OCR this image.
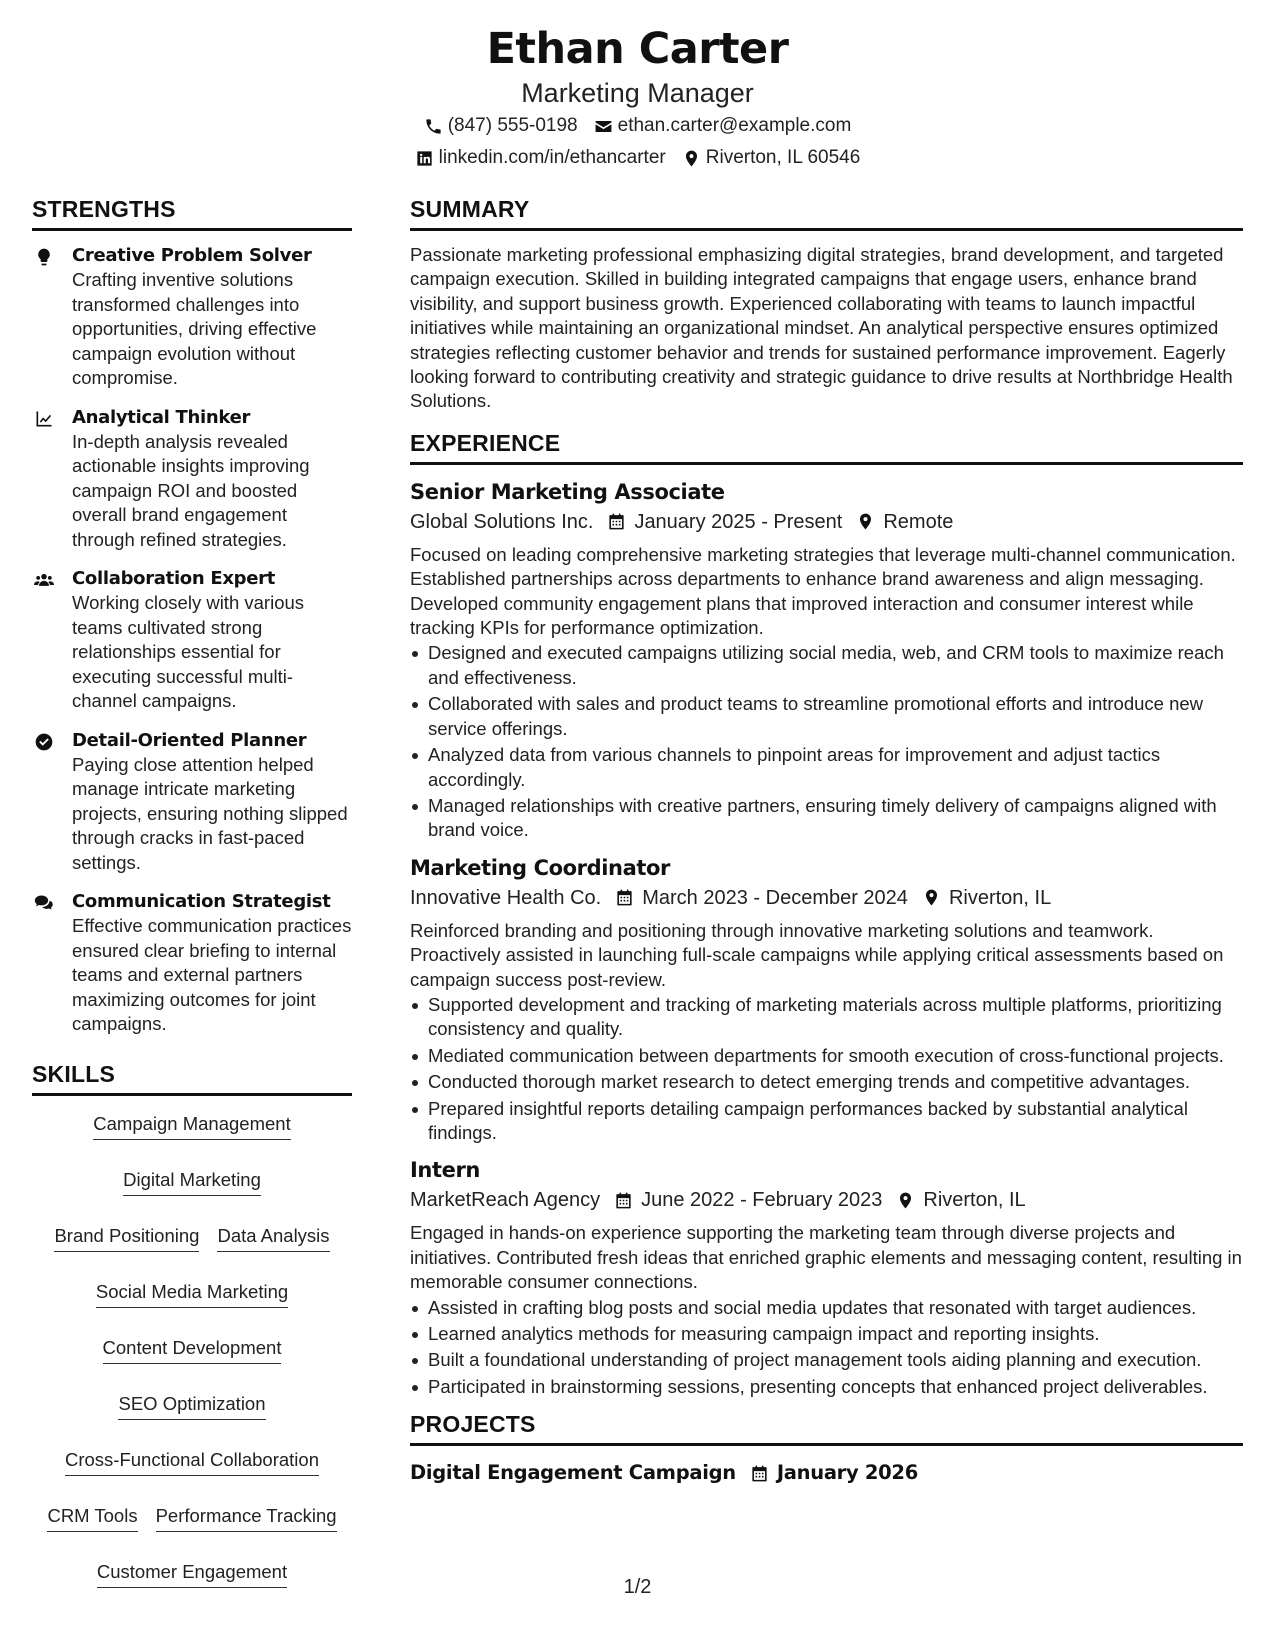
Ethan Carter
Marketing Manager
(847) 555-0198 ethan.carter@example.com
linkedin.com/in/ethancarter Riverton, IL 60546
STRENGTHS
Creative Problem Solver
Crafting inventive solutions transformed challenges into opportunities, driving effective campaign evolution without compromise.
Analytical Thinker
In-depth analysis revealed actionable insights improving campaign ROI and boosted overall brand engagement through refined strategies.
Collaboration Expert
Working closely with various teams cultivated strong relationships essential for executing successful multi-channel campaigns.
Detail-Oriented Planner
Paying close attention helped manage intricate marketing projects, ensuring nothing slipped through cracks in fast-paced settings.
Communication Strategist
Effective communication practices ensured clear briefing to internal teams and external partners maximizing outcomes for joint campaigns.
SKILLS
Campaign Management
Digital Marketing
Brand Positioning Data Analysis
Social Media Marketing
Content Development
SEO Optimization
Cross-Functional Collaboration
CRM Tools Performance Tracking
Customer Engagement
SUMMARY
Passionate marketing professional emphasizing digital strategies, brand development, and targeted campaign execution. Skilled in building integrated campaigns that engage users, enhance brand visibility, and support business growth. Experienced collaborating with teams to launch impactful initiatives while maintaining an organizational mindset. An analytical perspective ensures optimized strategies reflecting customer behavior and trends for sustained performance improvement. Eagerly looking forward to contributing creativity and strategic guidance to drive results at Northbridge Health Solutions.
EXPERIENCE
Senior Marketing Associate
Global Solutions Inc. January 2025 - Present Remote
Focused on leading comprehensive marketing strategies that leverage multi-channel communication. Established partnerships across departments to enhance brand awareness and align messaging. Developed community engagement plans that improved interaction and consumer interest while tracking KPIs for performance optimization.
Designed and executed campaigns utilizing social media, web, and CRM tools to maximize reach and effectiveness.
Collaborated with sales and product teams to streamline promotional efforts and introduce new service offerings.
Analyzed data from various channels to pinpoint areas for improvement and adjust tactics accordingly.
Managed relationships with creative partners, ensuring timely delivery of campaigns aligned with brand voice.
Marketing Coordinator
Innovative Health Co. March 2023 - December 2024 Riverton, IL
Reinforced branding and positioning through innovative marketing solutions and teamwork. Proactively assisted in launching full-scale campaigns while applying critical assessments based on campaign success post-review.
Supported development and tracking of marketing materials across multiple platforms, prioritizing consistency and quality.
Mediated communication between departments for smooth execution of cross-functional projects.
Conducted thorough market research to detect emerging trends and competitive advantages.
Prepared insightful reports detailing campaign performances backed by substantial analytical findings.
Intern
MarketReach Agency June 2022 - February 2023 Riverton, IL
Engaged in hands-on experience supporting the marketing team through diverse projects and initiatives. Contributed fresh ideas that enriched graphic elements and messaging content, resulting in memorable consumer connections.
Assisted in crafting blog posts and social media updates that resonated with target audiences.
Learned analytics methods for measuring campaign impact and reporting insights.
Built a foundational understanding of project management tools aiding planning and execution.
Participated in brainstorming sessions, presenting concepts that enhanced project deliverables.
PROJECTS
Digital Engagement Campaign January 2026
1/2
